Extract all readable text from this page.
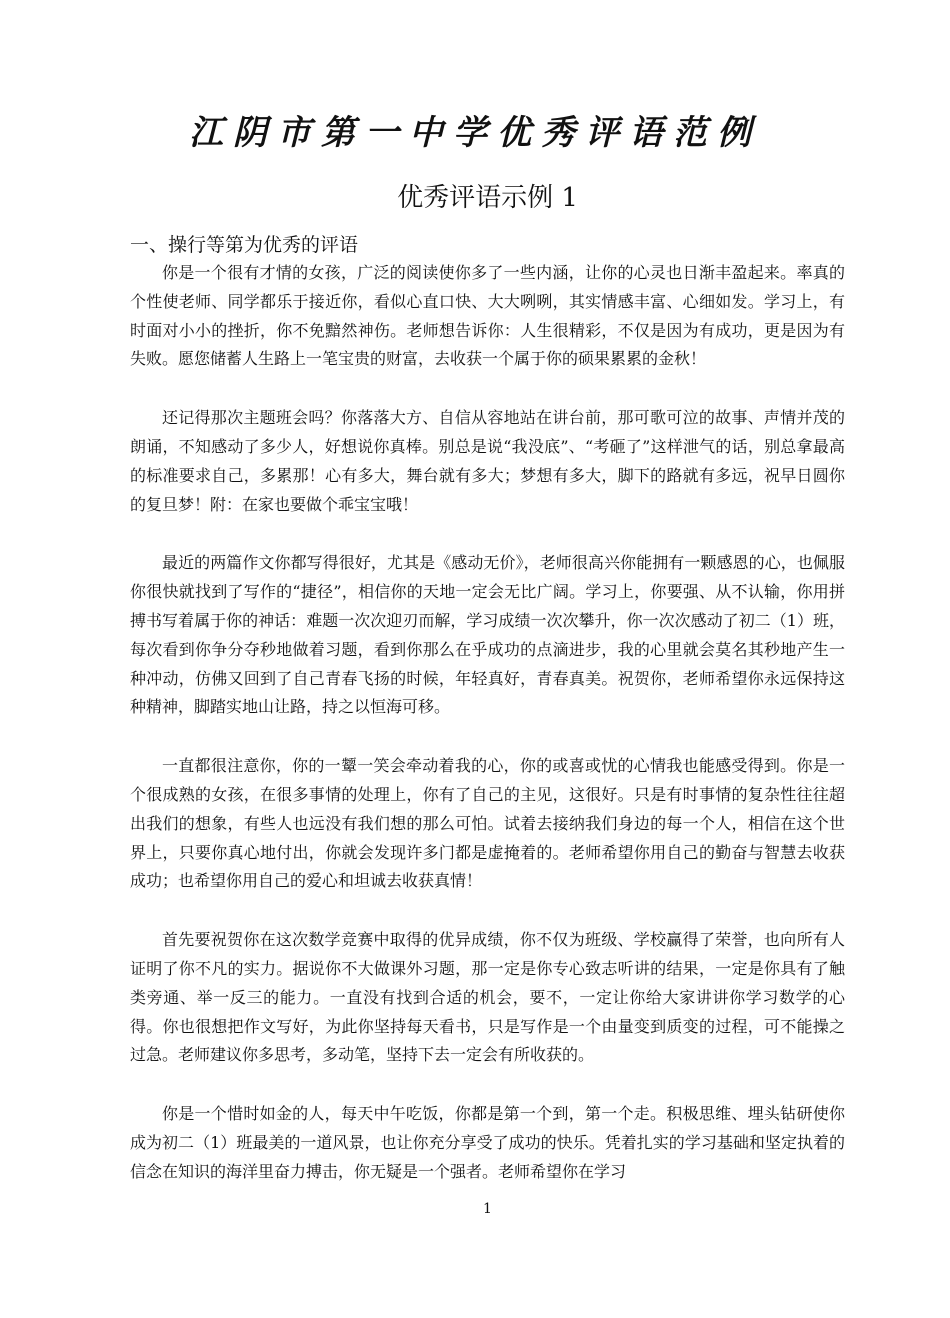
江阴市第一中学优秀评语范例
优秀评语示例 1
一、操行等第为优秀的评语

你是一个很有才情的女孩，广泛的阅读使你多了一些内涵，让你的心灵也日渐丰盈起来。率真的个性使老师、同学都乐于接近你，看似心直口快、大大咧咧，其实情感丰富、心细如发。学习上，有时面对小小的挫折，你不免黯然神伤。老师想告诉你：人生很精彩，不仅是因为有成功，更是因为有失败。愿您储蓄人生路上一笔宝贵的财富，去收获一个属于你的硕果累累的金秋！

还记得那次主题班会吗？你落落大方、自信从容地站在讲台前，那可歌可泣的故事、声情并茂的朗诵，不知感动了多少人，好想说你真棒。别总是说“我没底”、“考砸了”这样泄气的话，别总拿最高的标准要求自己，多累那！心有多大，舞台就有多大；梦想有多大，脚下的路就有多远，祝早日圆你的复旦梦！附：在家也要做个乖宝宝哦！

最近的两篇作文你都写得很好，尤其是《感动无价》，老师很高兴你能拥有一颗感恩的心，也佩服你很快就找到了写作的“捷径”，相信你的天地一定会无比广阔。学习上，你要强、从不认输，你用拼搏书写着属于你的神话：难题一次次迎刃而解，学习成绩一次次攀升，你一次次感动了初二（1）班，每次看到你争分夺秒地做着习题，看到你那么在乎成功的点滴进步，我的心里就会莫名其秒地产生一种冲动，仿佛又回到了自己青春飞扬的时候，年轻真好，青春真美。祝贺你，老师希望你永远保持这种精神，脚踏实地山让路，持之以恒海可移。

一直都很注意你，你的一颦一笑会牵动着我的心，你的或喜或忧的心情我也能感受得到。你是一个很成熟的女孩，在很多事情的处理上，你有了自己的主见，这很好。只是有时事情的复杂性往往超出我们的想象，有些人也远没有我们想的那么可怕。试着去接纳我们身边的每一个人，相信在这个世界上，只要你真心地付出，你就会发现许多门都是虚掩着的。老师希望你用自己的勤奋与智慧去收获成功；也希望你用自己的爱心和坦诚去收获真情！

首先要祝贺你在这次数学竞赛中取得的优异成绩，你不仅为班级、学校赢得了荣誉，也向所有人证明了你不凡的实力。据说你不大做课外习题，那一定是你专心致志听讲的结果，一定是你具有了触类旁通、举一反三的能力。一直没有找到合适的机会，要不，一定让你给大家讲讲你学习数学的心得。你也很想把作文写好，为此你坚持每天看书，只是写作是一个由量变到质变的过程，可不能操之过急。老师建议你多思考，多动笔，坚持下去一定会有所收获的。

你是一个惜时如金的人，每天中午吃饭，你都是第一个到，第一个走。积极思维、埋头钻研使你成为初二（1）班最美的一道风景，也让你充分享受了成功的快乐。凭着扎实的学习基础和坚定执着的信念在知识的海洋里奋力搏击，你无疑是一个强者。老师希望你在学习

1
